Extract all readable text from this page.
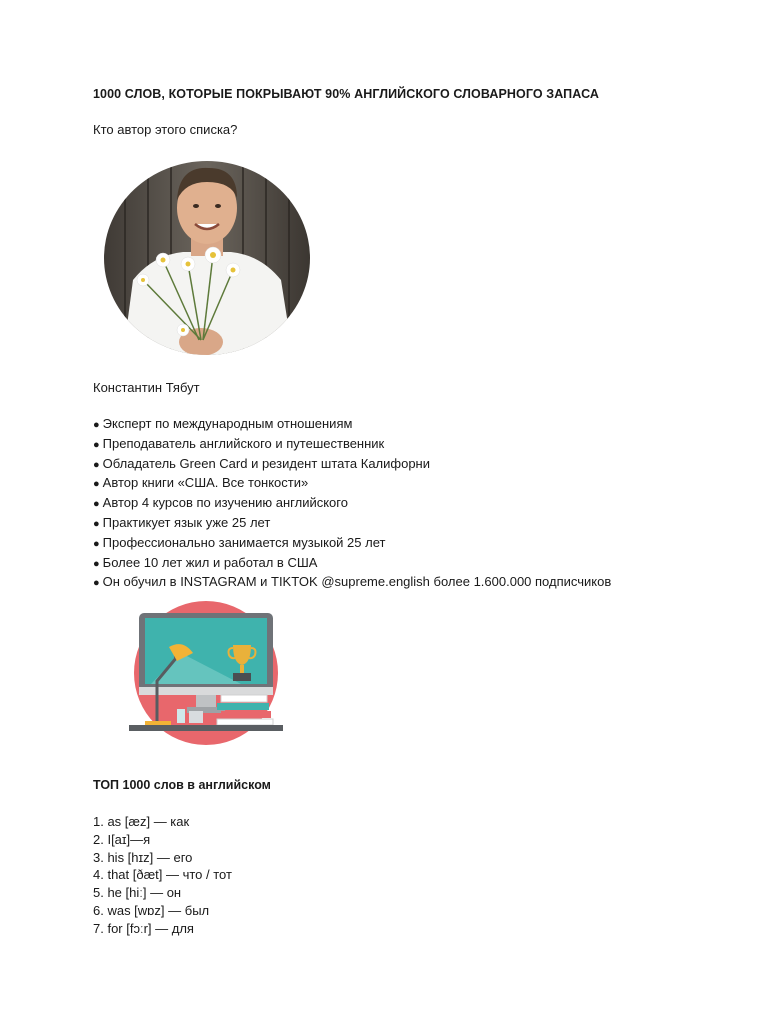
1000 СЛОВ, КОТОРЫЕ ПОКРЫВАЮТ 90% АНГЛИЙСКОГО СЛОВАРНОГО ЗАПАСА
Кто автор этого списка?
Константин Тябут
● Эксперт по международным отношениям
● Преподаватель английского и путешественник
● Обладатель Green Card и резидент штата Калифорни
● Автор книги «США. Все тонкости»
● Автор 4 курсов по изучению английского
● Практикует язык уже 25 лет
● Профессионально занимается музыкой 25 лет
● Более 10 лет жил и работал в США
● Он обучил в INSTAGRAM и TIKTOK @supreme.english более 1.600.000 подписчиков
ТОП 1000 слов в английском
1. as [æz] — как
2. I[aɪ]—я
3. his [hɪz] — его
4. that [ðæt] — что / тот
5. he [hiː] — он
6. was [wɒz] — был
7. for [fɔːr] — для
